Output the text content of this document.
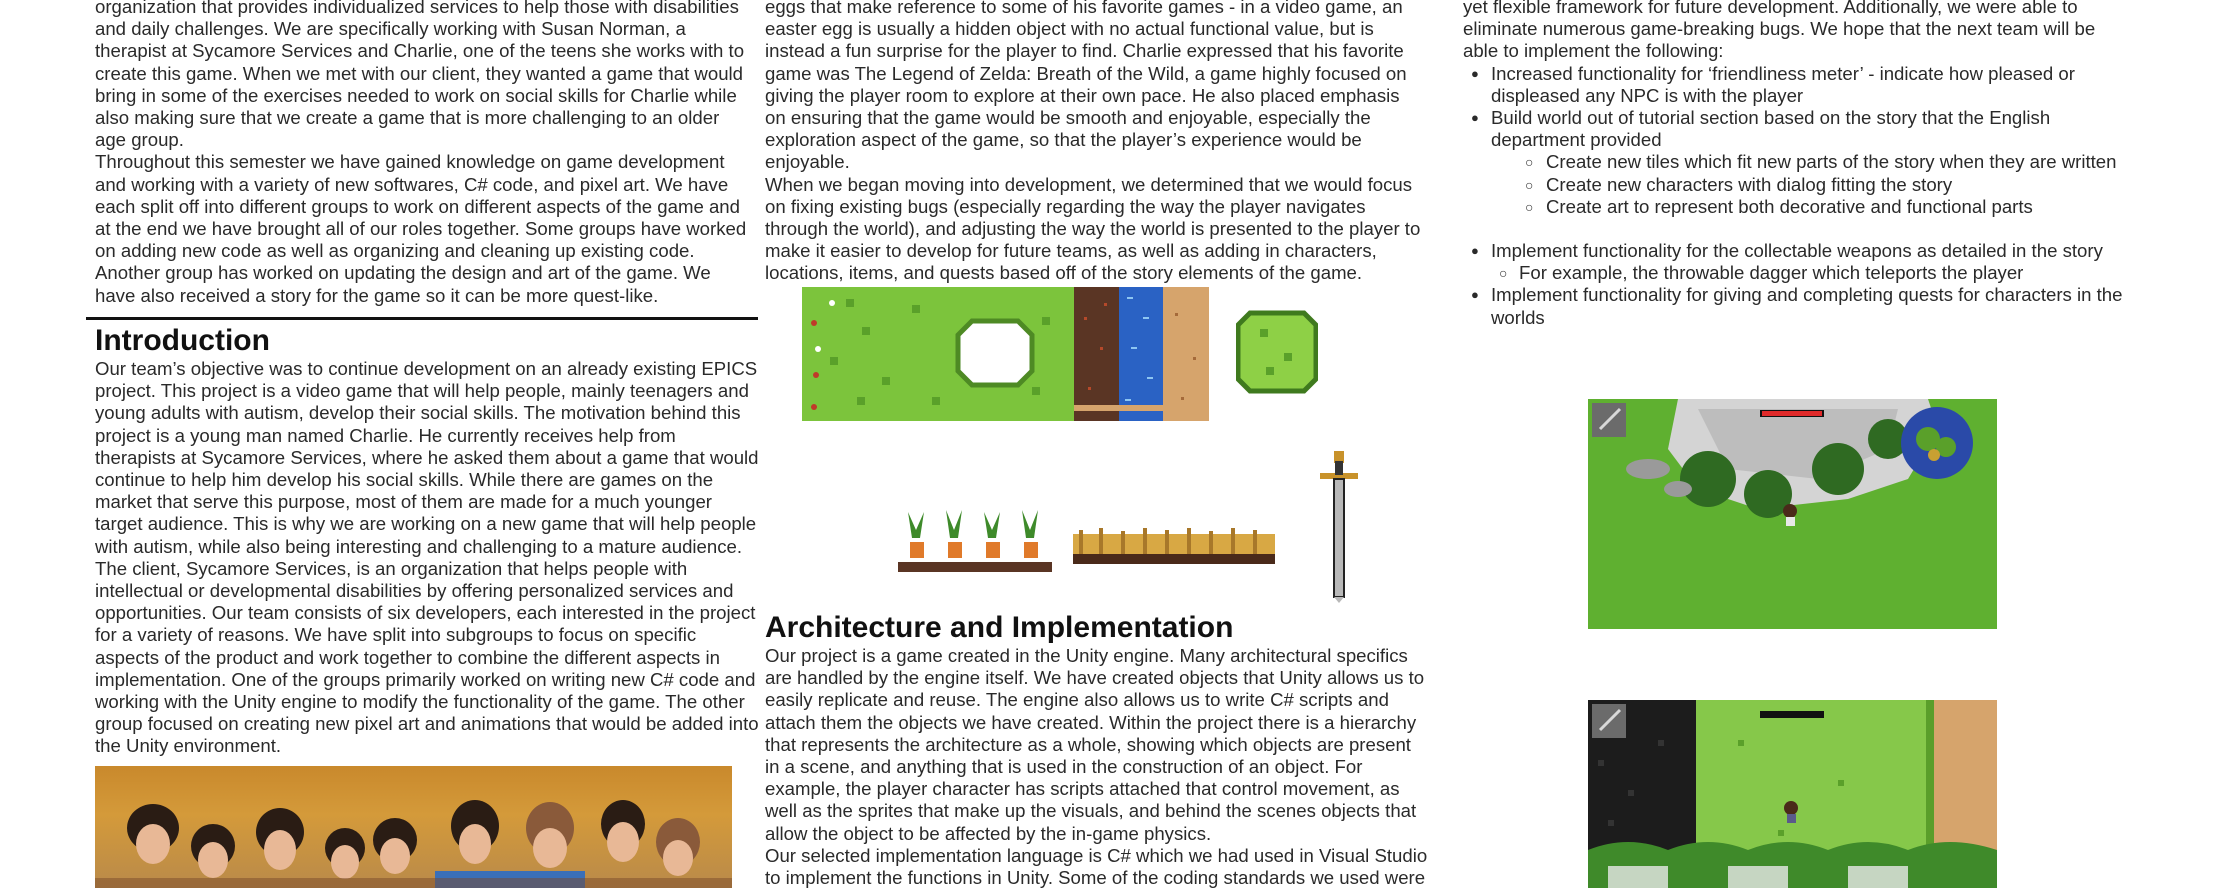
organization that provides individualized services to help those with disabilities and daily challenges. We are specifically working with Susan Norman, a therapist at Sycamore Services and Charlie, one of the teens she works with to create this game. When we met with our client, they wanted a game that would bring in some of the exercises needed to work on social skills for Charlie while also making sure that we create a game that is more challenging to an older age group.

Throughout this semester we have gained knowledge on game development and working with a variety of new softwares, C# code, and pixel art. We have each split off into different groups to work on different aspects of the game and at the end we have brought all of our roles together. Some groups have worked on adding new code as well as organizing and cleaning up existing code. Another group has worked on updating the design and art of the game. We have also received a story for the game so it can be more quest-like.

Introduction

Our team’s objective was to continue development on an already existing EPICS project. This project is a video game that will help people, mainly teenagers and young adults with autism, develop their social skills. The motivation behind this project is a young man named Charlie. He currently receives help from therapists at Sycamore Services, where he asked them about a game that would continue to help him develop his social skills. While there are games on the market that serve this purpose, most of them are made for a much younger target audience. This is why we are working on a new game that will help people with autism, while also being interesting and challenging to a mature audience.

The client, Sycamore Services, is an organization that helps people with intellectual or developmental disabilities by offering personalized services and opportunities. Our team consists of six developers, each interested in the project for a variety of reasons. We have split into subgroups to focus on specific aspects of the product and work together to combine the different aspects in implementation. One of the groups primarily worked on writing new C# code and working with the Unity engine to modify the functionality of the game. The other group focused on creating new pixel art and animations that would be added into the Unity environment.

eggs that make reference to some of his favorite games - in a video game, an easter egg is usually a hidden object with no actual functional value, but is instead a fun surprise for the player to find. Charlie expressed that his favorite game was The Legend of Zelda: Breath of the Wild, a game highly focused on giving the player room to explore at their own pace. He also placed emphasis on ensuring that the game would be smooth and enjoyable, especially the exploration aspect of the game, so that the player’s experience would be enjoyable.

When we began moving into development, we determined that we would focus on fixing existing bugs (especially regarding the way the player navigates through the world), and adjusting the way the world is presented to the player to make it easier to develop for future teams, as well as adding in characters, locations, items, and quests based off of the story elements of the game.

Architecture and Implementation

Our project is a game created in the Unity engine. Many architectural specifics are handled by the engine itself. We have created objects that Unity allows us to easily replicate and reuse. The engine also allows us to write C# scripts and attach them the objects we have created. Within the project there is a hierarchy that represents the architecture as a whole, showing which objects are present in a scene, and anything that is used in the construction of an object. For example, the player character has scripts attached that control movement, as well as the sprites that make up the visuals, and behind the scenes objects that allow the object to be affected by the in-game physics.

Our selected implementation language is C# which we had used in Visual Studio to implement the functions in Unity. Some of the coding standards we used were

yet flexible framework for future development. Additionally, we were able to eliminate numerous game-breaking bugs. We hope that the next team will be able to implement the following:

● Increased functionality for ‘friendliness meter’ - indicate how pleased or displeased any NPC is with the player
● Build world out of tutorial section based on the story that the English department provided
○ Create new tiles which fit new parts of the story when they are written
○ Create new characters with dialog fitting the story
○ Create art to represent both decorative and functional parts
● Implement functionality for the collectable weapons as detailed in the story
○ For example, the throwable dagger which teleports the player
● Implement functionality for giving and completing quests for characters in the worlds
